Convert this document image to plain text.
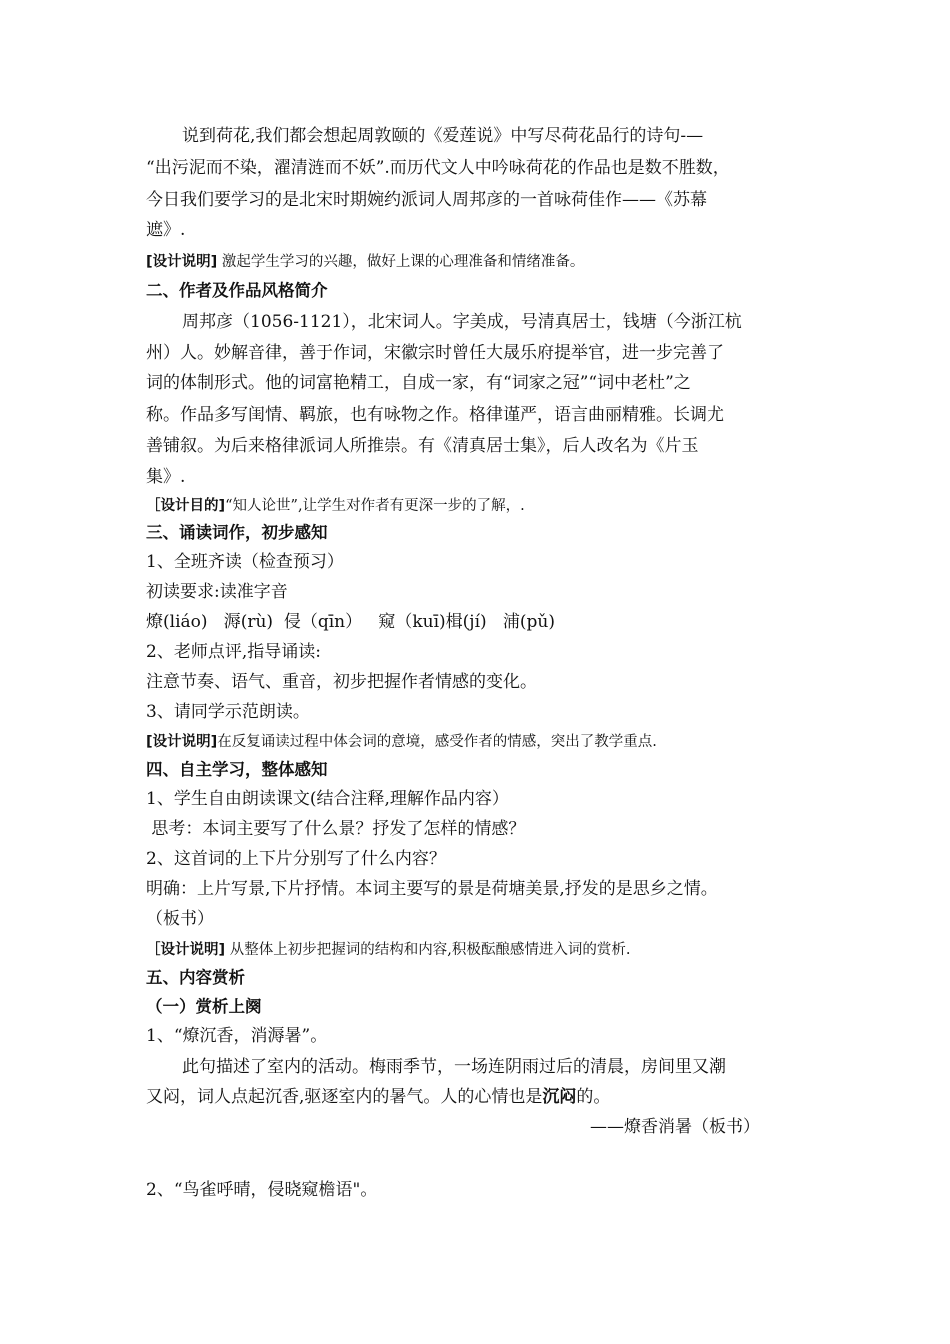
说到荷花,我们都会想起周敦颐的《爱莲说》中写尽荷花品行的诗句-—
“出污泥而不染，濯清涟而不妖”.而历代文人中吟咏荷花的作品也是数不胜数，
今日我们要学习的是北宋时期婉约派词人周邦彦的一首咏荷佳作——《苏幕
遮》.
[设计说明] 激起学生学习的兴趣，做好上课的心理准备和情绪准备。
二、作者及作品风格简介
周邦彦（1056-1121），北宋词人。字美成，号清真居士，钱塘（今浙江杭
州）人。妙解音律，善于作词，宋徽宗时曾任大晟乐府提举官，进一步完善了
词的体制形式。他的词富艳精工，自成一家，有“词家之冠”“词中老杜”之
称。作品多写闺情、羁旅，也有咏物之作。格律谨严，语言曲丽精雅。长调尤
善铺叙。为后来格律派词人所推崇。有《清真居士集》，后人改名为《片玉
集》.
［设计目的]“知人论世”,让学生对作者有更深一步的了解，.
三、诵读词作，初步感知
1、全班齐读（检查预习）
初读要求:读准字音
燎(liáo)   溽(rù)  侵（qīn）   窥（kuī)楫(jí)   浦(pǔ)
2、老师点评,指导诵读:
注意节奏、语气、重音，初步把握作者情感的变化。
3、请同学示范朗读。
[设计说明]在反复诵读过程中体会词的意境，感受作者的情感，突出了教学重点.
四、自主学习，整体感知
1、学生自由朗读课文(结合注释,理解作品内容）
思考：本词主要写了什么景？抒发了怎样的情感？
2、这首词的上下片分别写了什么内容？
明确：上片写景,下片抒情。本词主要写的景是荷塘美景,抒发的是思乡之情。
（板书）
［设计说明] 从整体上初步把握词的结构和内容,积极酝酿感情进入词的赏析.
五、内容赏析
（一）赏析上阕
1、“燎沉香，消溽暑”。
此句描述了室内的活动。梅雨季节，一场连阴雨过后的清晨，房间里又潮
又闷，词人点起沉香,驱逐室内的暑气。人的心情也是沉闷的。
——燎香消暑（板书）
2、“鸟雀呼晴，侵晓窥檐语"。
